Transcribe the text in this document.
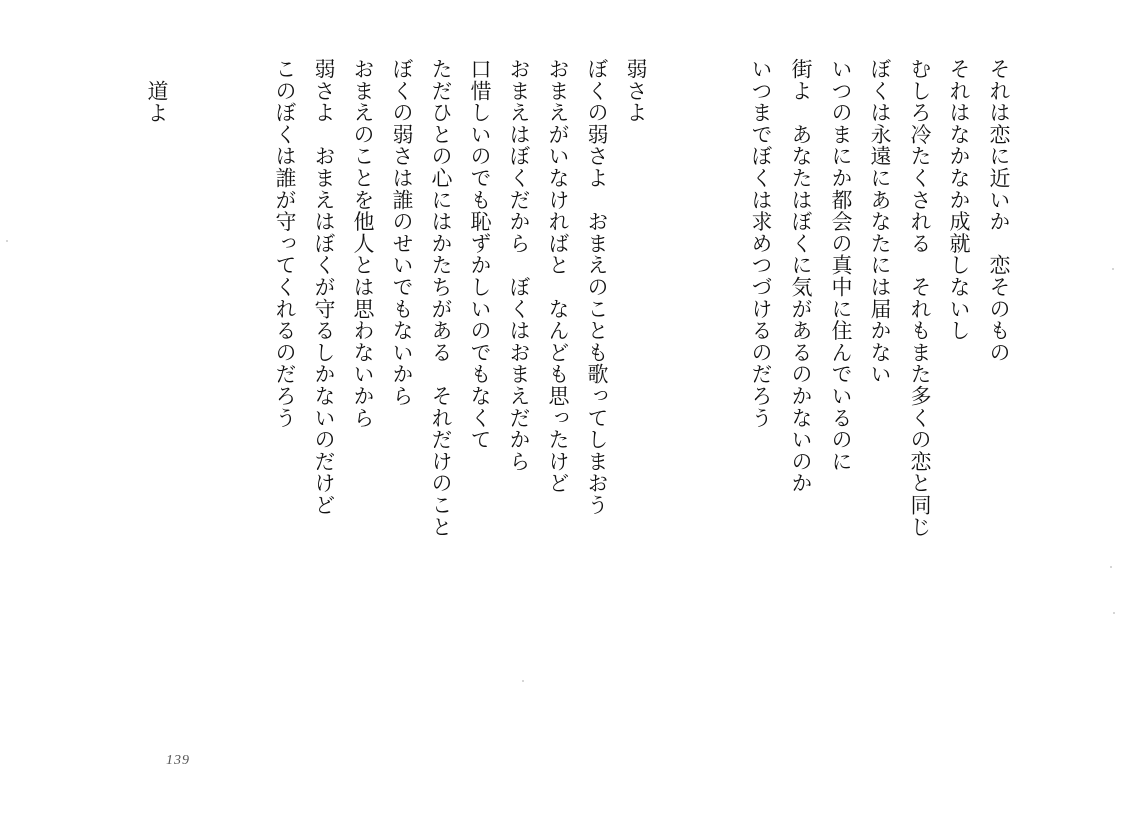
それは恋に近いか　恋そのもの
それはなかなか成就しないし
むしろ冷たくされる　それもまた多くの恋と同じ
ぼくは永遠にあなたには届かない
いつのまにか都会の真中に住んでいるのに
街よ　あなたはぼくに気があるのかないのか
いつまでぼくは求めつづけるのだろう
弱さよ
ぼくの弱さよ　おまえのことも歌ってしまおう
おまえがいなければと　なんども思ったけど
おまえはぼくだから　ぼくはおまえだから
口惜しいのでも恥ずかしいのでもなくて
ただひとの心にはかたちがある　それだけのこと
ぼくの弱さは誰のせいでもないから
おまえのことを他人とは思わないから
弱さよ　おまえはぼくが守るしかないのだけど
このぼくは誰が守ってくれるのだろう
道よ
139
